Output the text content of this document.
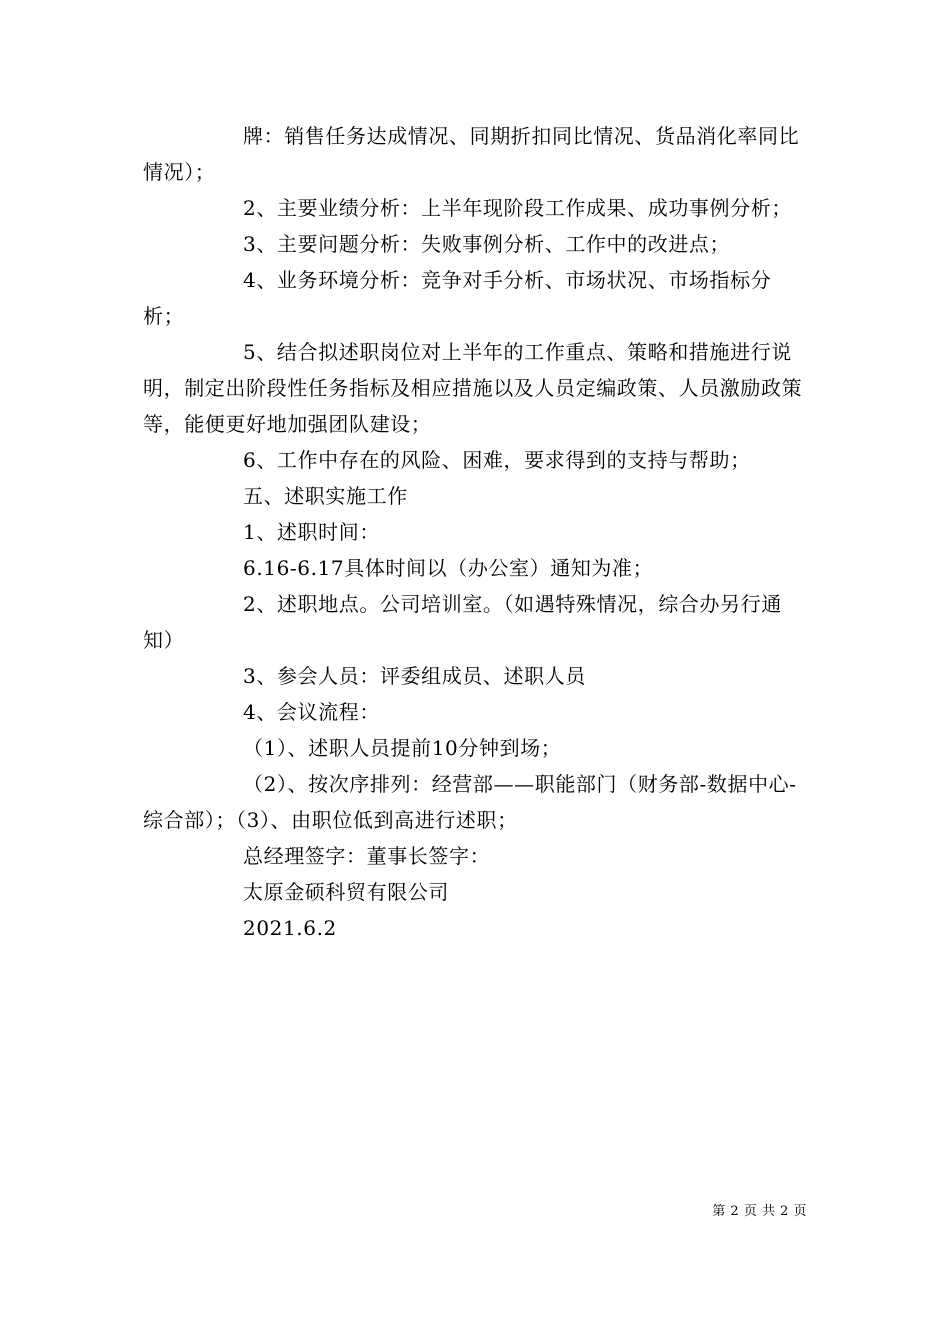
牌：销售任务达成情况、同期折扣同比情况、货品消化率同比情况）；

2、主要业绩分析：上半年现阶段工作成果、成功事例分析；

3、主要问题分析：失败事例分析、工作中的改进点；

4、业务环境分析：竞争对手分析、市场状况、市场指标分析；

5、结合拟述职岗位对上半年的工作重点、策略和措施进行说明，制定出阶段性任务指标及相应措施以及人员定编政策、人员激励政策等，能便更好地加强团队建设；

6、工作中存在的风险、困难，要求得到的支持与帮助；

五、述职实施工作

1、述职时间：

6.16-6.17具体时间以（办公室）通知为准；

2、述职地点。公司培训室。（如遇特殊情况，综合办另行通知）

3、参会人员：评委组成员、述职人员

4、会议流程：

（1）、述职人员提前10分钟到场；

（2）、按次序排列：经营部——职能部门（财务部-数据中心-综合部）；（3）、由职位低到高进行述职；

总经理签字：董事长签字：

太原金硕科贸有限公司

2021.6.2

第 2 页 共 2 页
